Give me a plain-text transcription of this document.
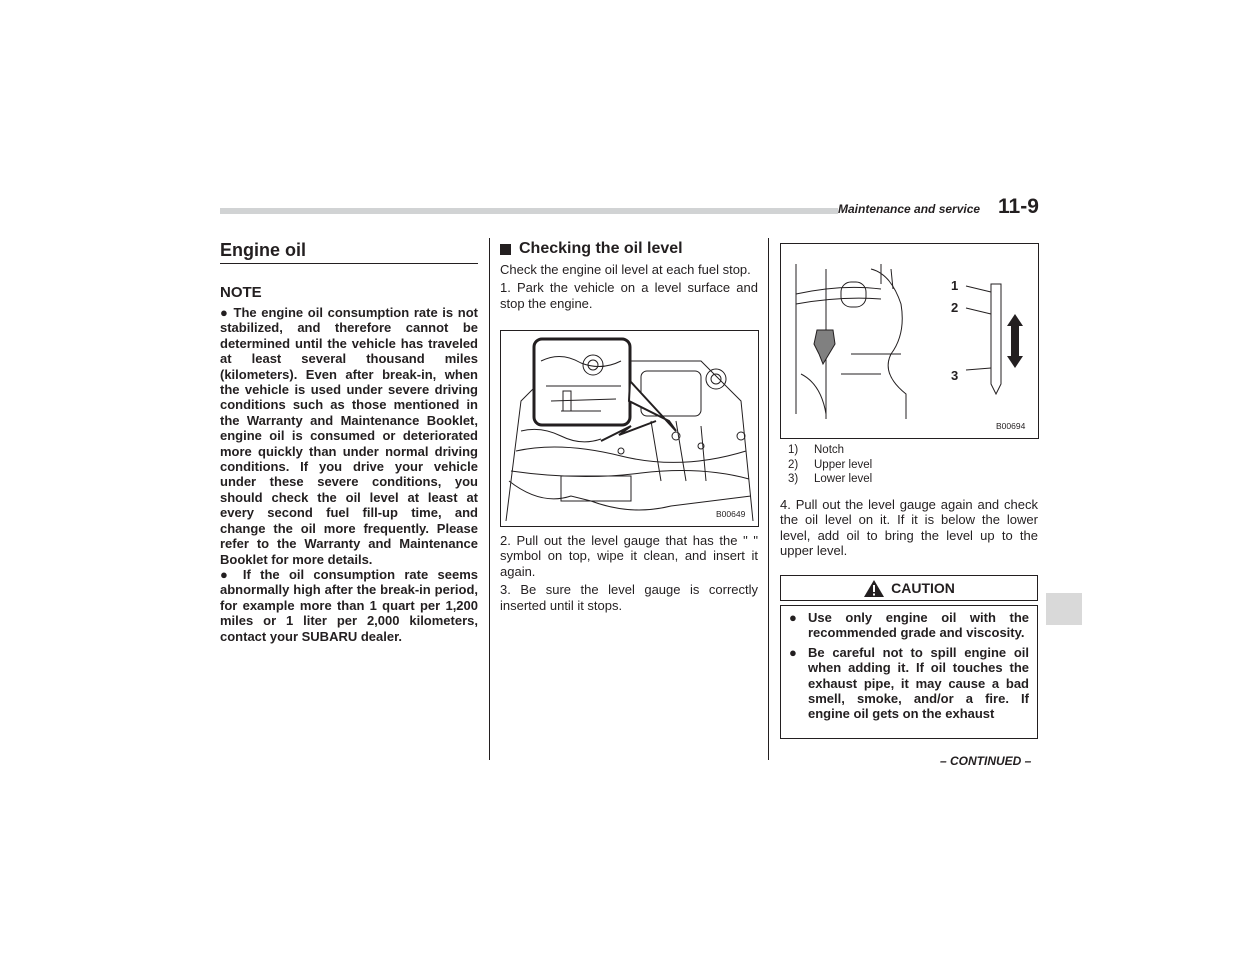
Maintenance and service 11-9
Engine oil
NOTE

● The engine oil consumption rate is not stabilized, and therefore cannot be determined until the vehicle has traveled at least several thousand miles (kilometers). Even after break-in, when the vehicle is used under severe driving conditions such as those mentioned in the Warranty and Maintenance Booklet, engine oil is consumed or deteriorated more quickly than under normal driving conditions. If you drive your vehicle under these severe conditions, you should check the oil level at least at every second fuel fill-up time, and change the oil more frequently. Please refer to the Warranty and Maintenance Booklet for more details.

● If the oil consumption rate seems abnormally high after the break-in period, for example more than 1 quart per 1,200 miles or 1 liter per 2,000 kilometers, contact your SUBARU dealer.

Checking the oil level

Check the engine oil level at each fuel stop.

1. Park the vehicle on a level surface and stop the engine.

B00649

2. Pull out the level gauge that has the " " symbol on top, wipe it clean, and insert it again.

3. Be sure the level gauge is correctly inserted until it stops.

1
2
3
B00694
1)	Notch
2)	Upper level
3)	Lower level

4. Pull out the level gauge again and check the oil level on it. If it is below the lower level, add oil to bring the level up to the upper level.

CAUTION
● Use only engine oil with the recommended grade and viscosity.
● Be careful not to spill engine oil when adding it. If oil touches the exhaust pipe, it may cause a bad smell, smoke, and/or a fire. If engine oil gets on the exhaust
– CONTINUED –
